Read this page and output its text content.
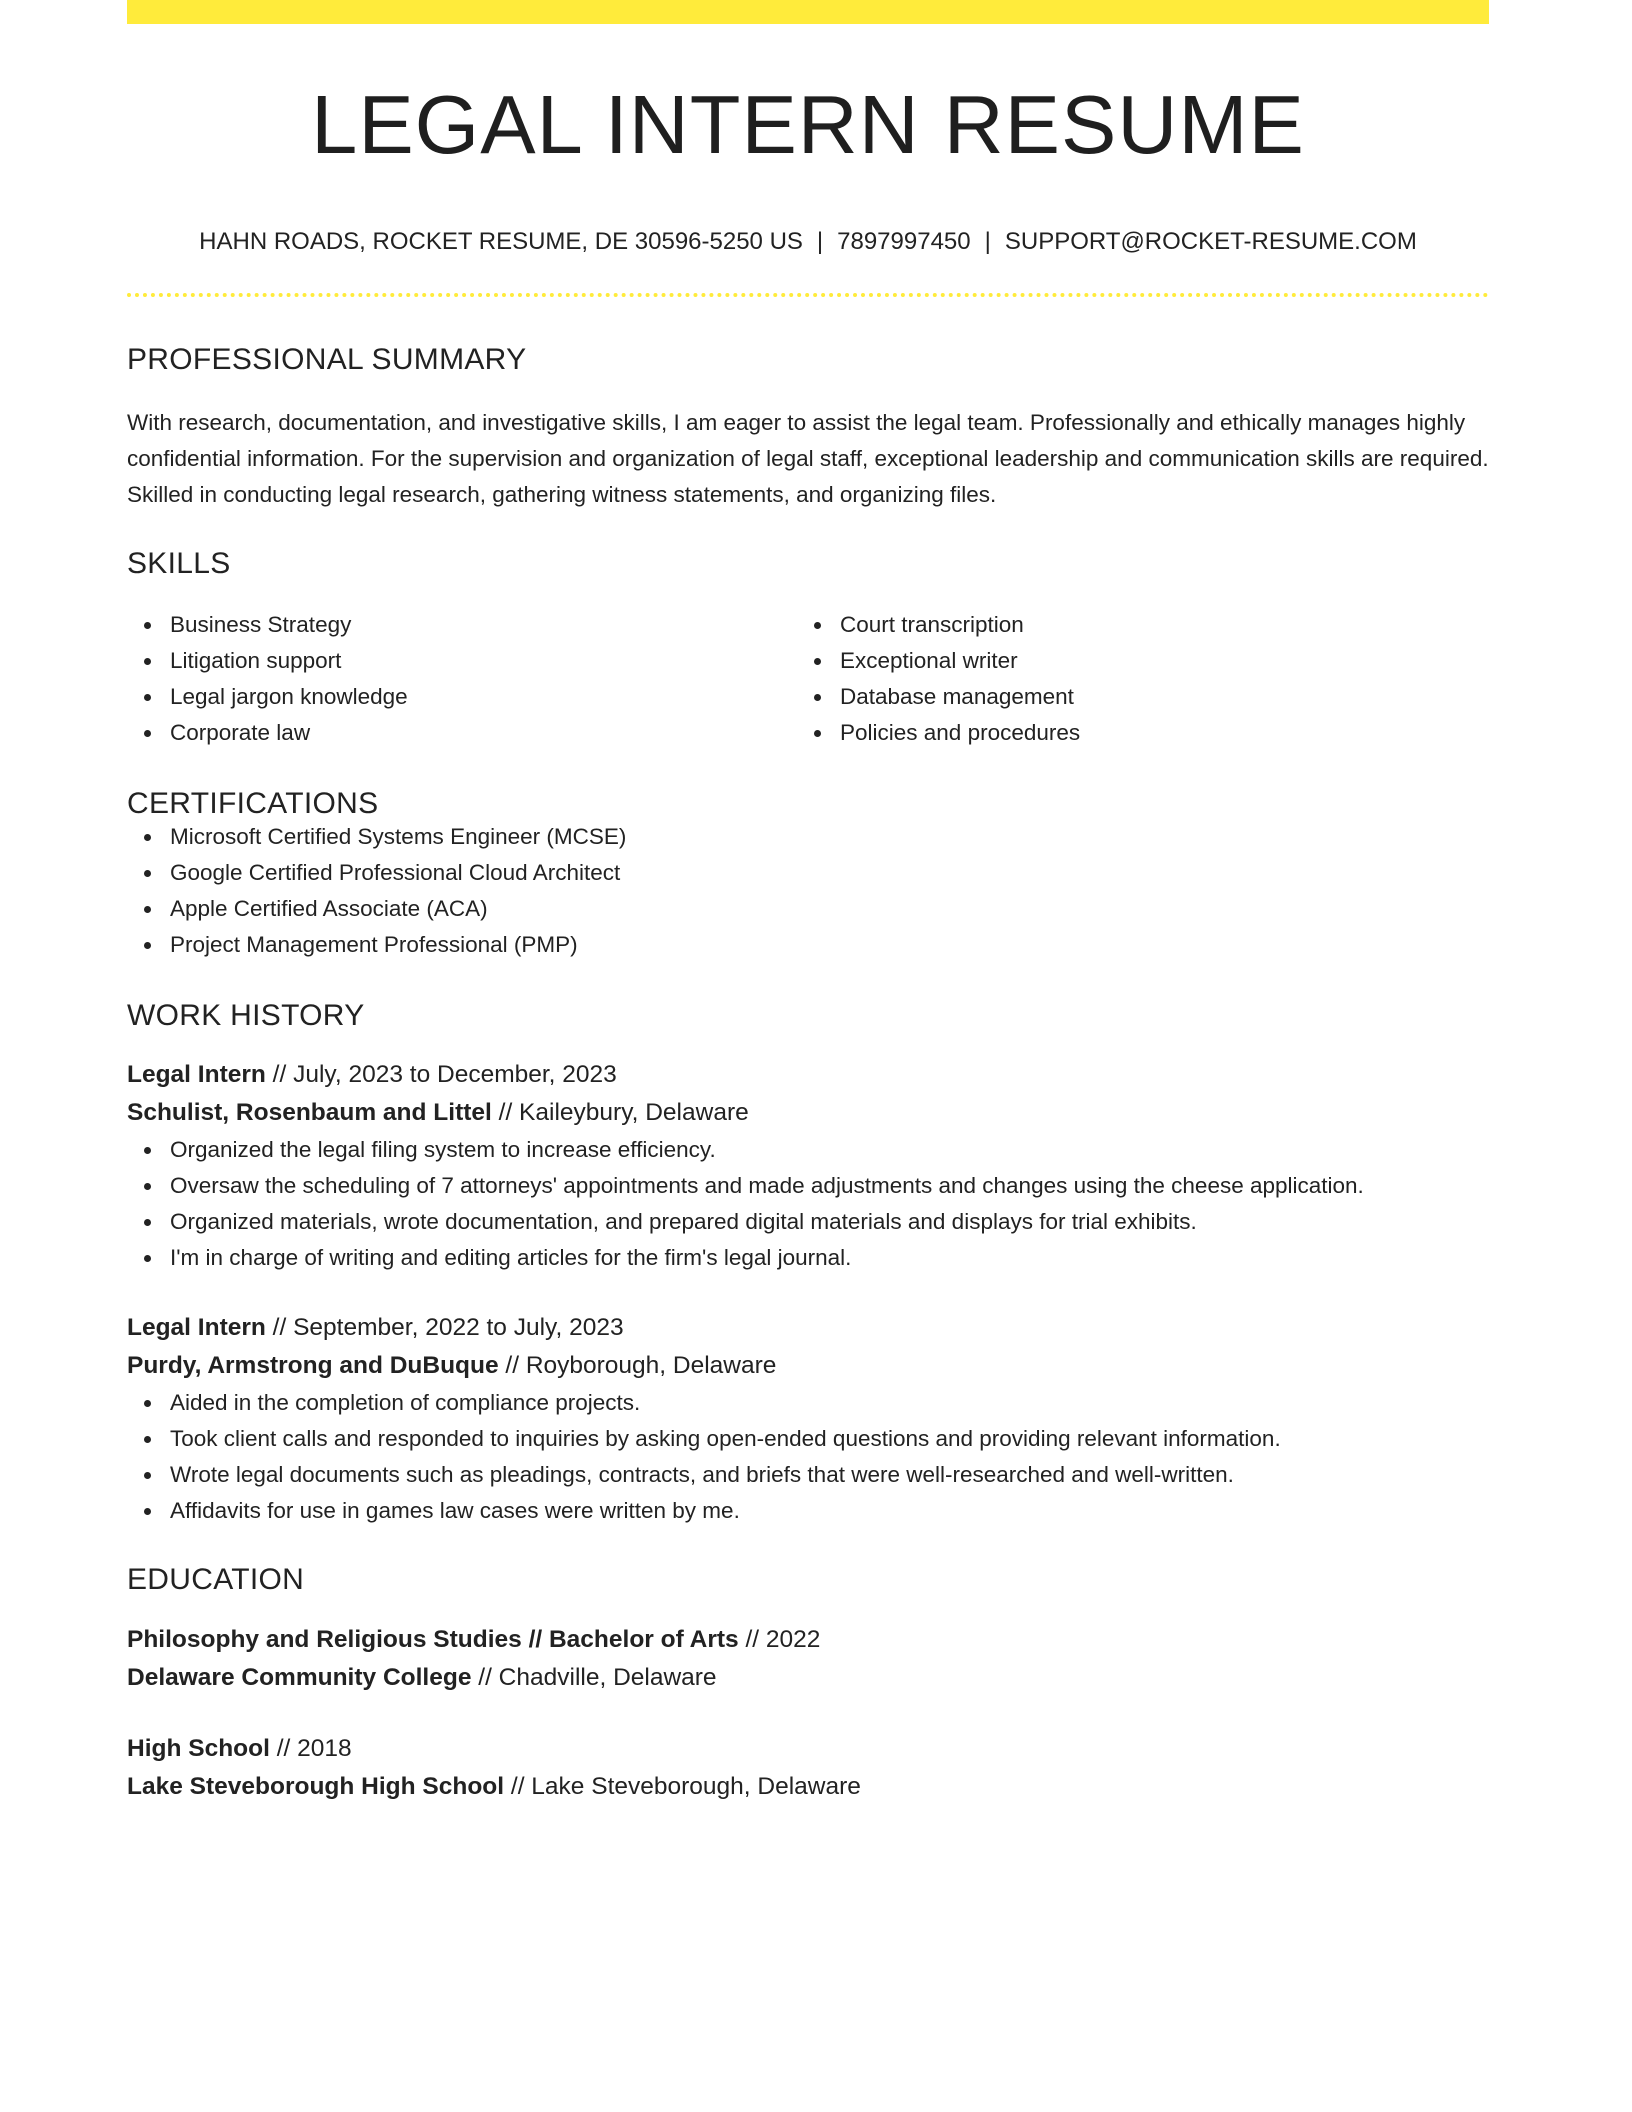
LEGAL INTERN RESUME
HAHN ROADS, ROCKET RESUME, DE 30596-5250 US | 7897997450 | SUPPORT@ROCKET-RESUME.COM
PROFESSIONAL SUMMARY

With research, documentation, and investigative skills, I am eager to assist the legal team. Professionally and ethically manages highly confidential information. For the supervision and organization of legal staff, exceptional leadership and communication skills are required. Skilled in conducting legal research, gathering witness statements, and organizing files.

SKILLS
Business Strategy
Litigation support
Legal jargon knowledge
Corporate law
Court transcription
Exceptional writer
Database management
Policies and procedures
CERTIFICATIONS
Microsoft Certified Systems Engineer (MCSE)
Google Certified Professional Cloud Architect
Apple Certified Associate (ACA)
Project Management Professional (PMP)
WORK HISTORY
Legal Intern // July, 2023 to December, 2023
Schulist, Rosenbaum and Littel // Kaileybury, Delaware
Organized the legal filing system to increase efficiency.
Oversaw the scheduling of 7 attorneys' appointments and made adjustments and changes using the cheese application.
Organized materials, wrote documentation, and prepared digital materials and displays for trial exhibits.
I'm in charge of writing and editing articles for the firm's legal journal.
Legal Intern // September, 2022 to July, 2023
Purdy, Armstrong and DuBuque // Royborough, Delaware
Aided in the completion of compliance projects.
Took client calls and responded to inquiries by asking open-ended questions and providing relevant information.
Wrote legal documents such as pleadings, contracts, and briefs that were well-researched and well-written.
Affidavits for use in games law cases were written by me.
EDUCATION
Philosophy and Religious Studies // Bachelor of Arts // 2022
Delaware Community College // Chadville, Delaware
High School // 2018
Lake Steveborough High School // Lake Steveborough, Delaware
